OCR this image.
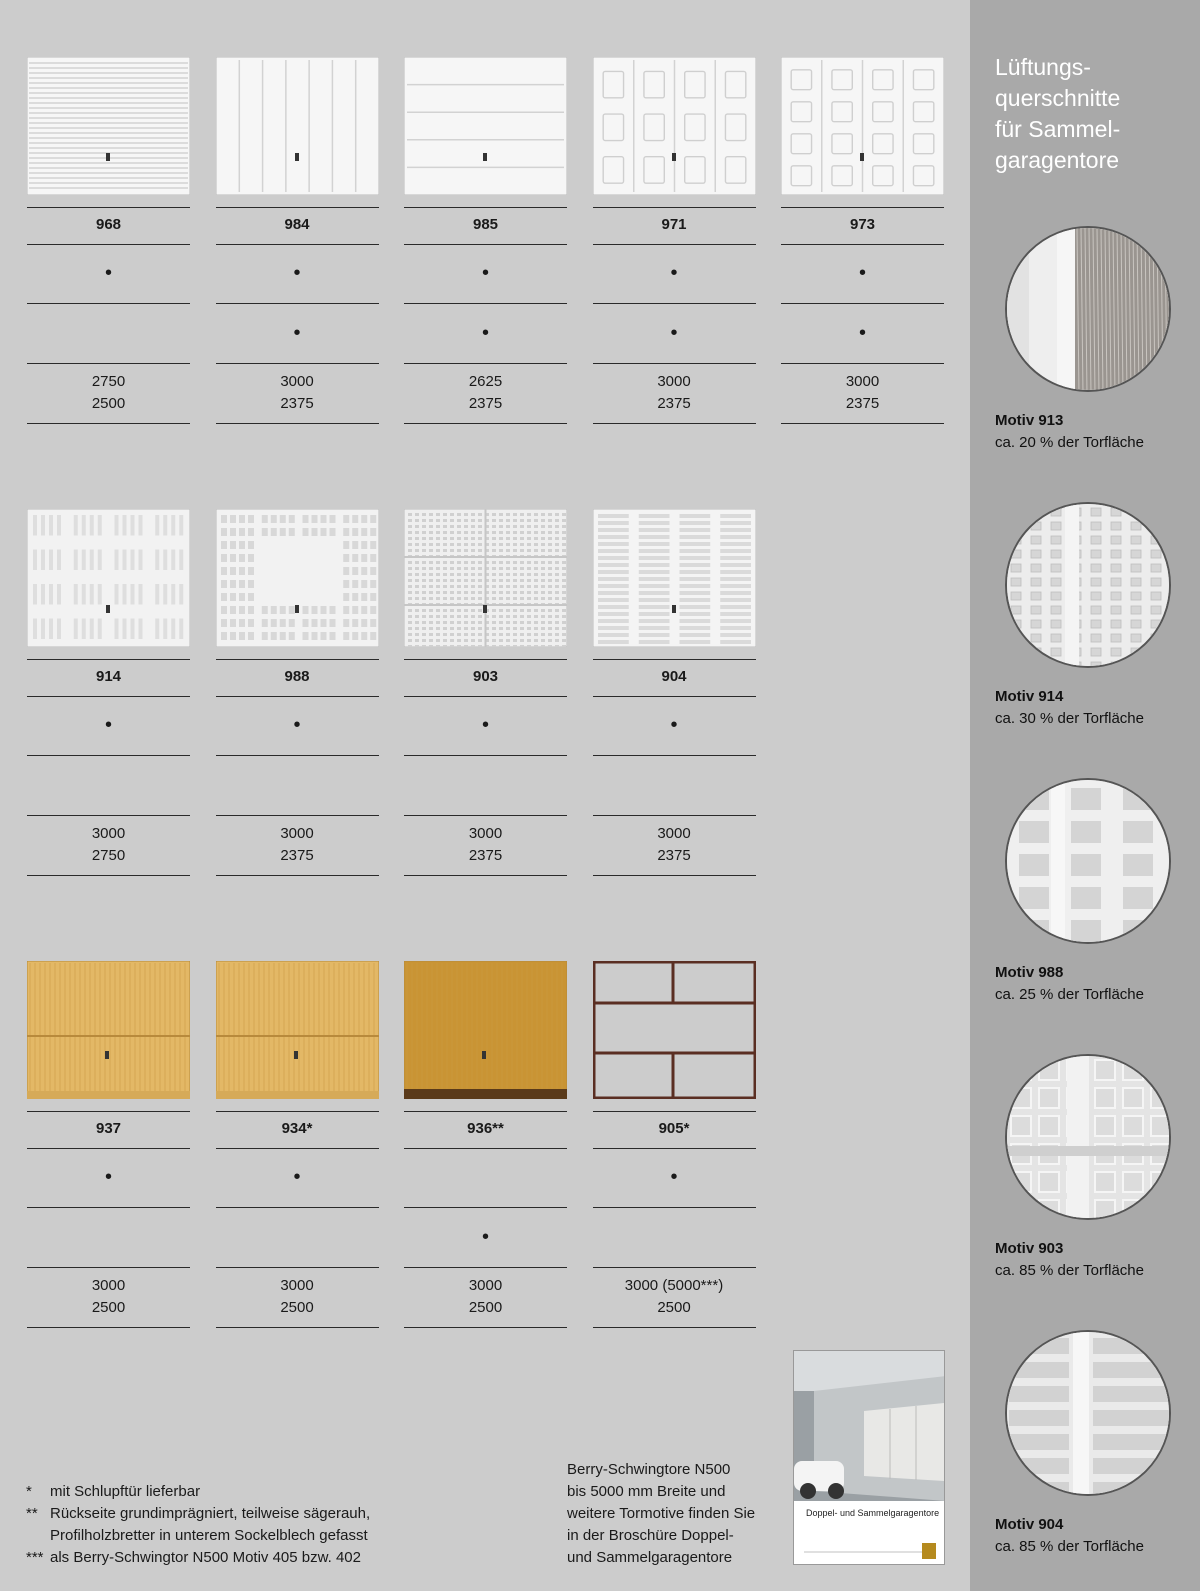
968
•
2750
2500
984
•
•
3000
2375
985
•
•
2625
2375
971
•
•
3000
2375
973
•
•
3000
2375
914
•
3000
2750
988
•
3000
2375
903
•
3000
2375
904
•
3000
2375
937
•
3000
2500
934*
•
3000
2500
936**
•
3000
2500
905*
•
3000 (5000***)
2500
Lüftungs-
querschnitte
für Sammel-
garagentore
Motiv 913
ca. 20 % der Torfläche
Motiv 914
ca. 30 % der Torfläche
Motiv 988
ca. 25 % der Torfläche
Motiv 903
ca. 85 % der Torfläche
Motiv 904
ca. 85 % der Torfläche
*	mit Schlupftür lieferbar
** Rückseite grundimprägniert, teilweise sägerauh,
Profilholzbretter in unterem Sockelblech gefasst
*** als Berry-Schwingtor N500 Motiv 405 bzw. 402
Berry-Schwingtore N500
bis 5000 mm Breite und
weitere Tormotive finden Sie
in der Broschüre Doppel-
und Sammelgaragentore
Doppel- und Sammelgaragentore
